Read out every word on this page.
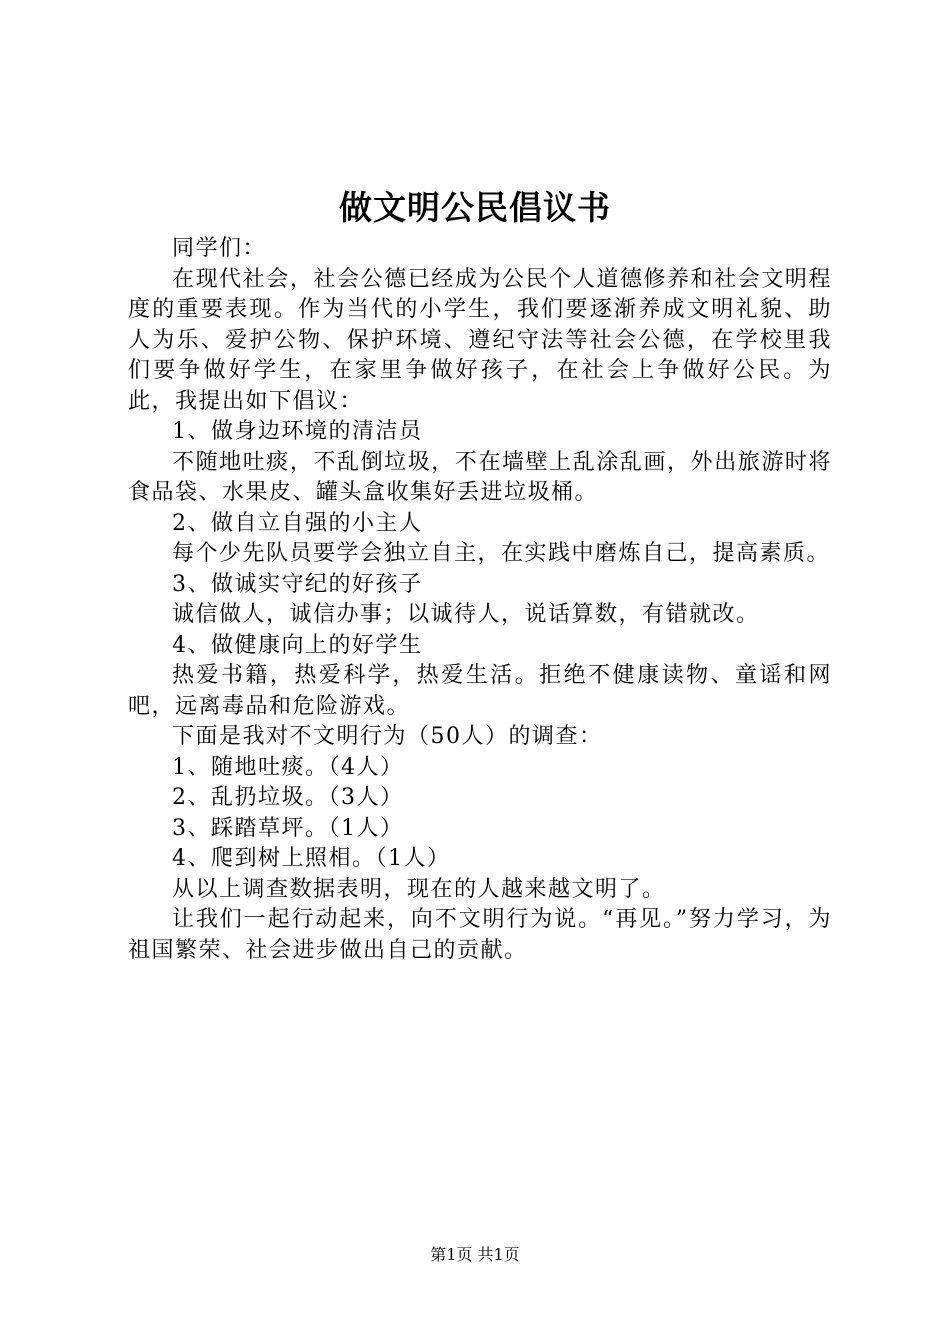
做文明公民倡议书

同学们：

在现代社会，社会公德已经成为公民个人道德修养和社会文明程度的重要表现。作为当代的小学生，我们要逐渐养成文明礼貌、助人为乐、爱护公物、保护环境、遵纪守法等社会公德，在学校里我们要争做好学生，在家里争做好孩子，在社会上争做好公民。为此，我提出如下倡议：

1、做身边环境的清洁员

不随地吐痰，不乱倒垃圾，不在墙壁上乱涂乱画，外出旅游时将食品袋、水果皮、罐头盒收集好丢进垃圾桶。

2、做自立自强的小主人

每个少先队员要学会独立自主，在实践中磨炼自己，提高素质。

3、做诚实守纪的好孩子

诚信做人，诚信办事；以诚待人，说话算数，有错就改。

4、做健康向上的好学生

热爱书籍，热爱科学，热爱生活。拒绝不健康读物、童谣和网吧，远离毒品和危险游戏。

下面是我对不文明行为（50人）的调查：

1、随地吐痰。（4人）

2、乱扔垃圾。（3人）

3、踩踏草坪。（1人）

4、爬到树上照相。（1人）

从以上调查数据表明，现在的人越来越文明了。

让我们一起行动起来，向不文明行为说。“再见。”努力学习，为祖国繁荣、社会进步做出自己的贡献。

第1页 共1页
